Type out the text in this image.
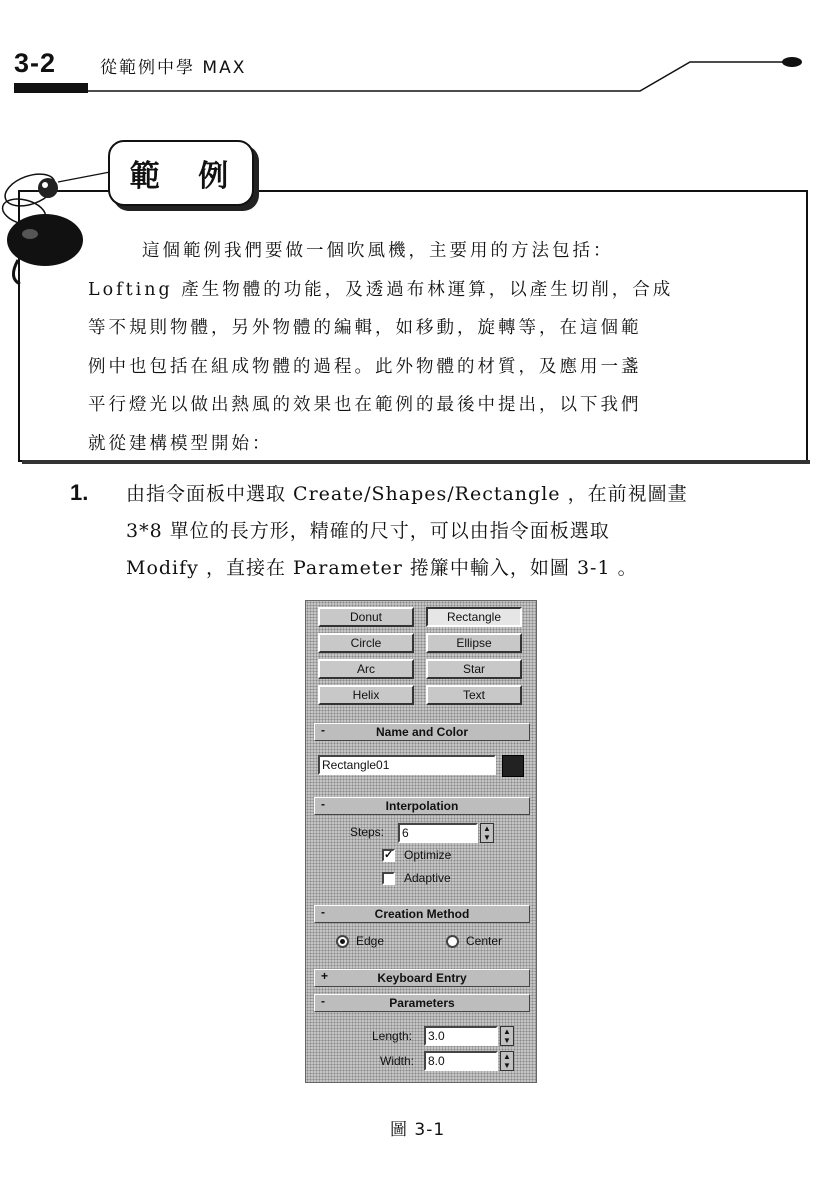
3-2	從範例中學 MAX
範 例
這個範例我們要做一個吹風機，主要用的方法包括：
Lofting 產生物體的功能，及透過布林運算，以產生切削，合成
等不規則物體，另外物體的編輯，如移動，旋轉等，在這個範
例中也包括在組成物體的過程。此外物體的材質，及應用一盞
平行燈光以做出熱風的效果也在範例的最後中提出，以下我們
就從建構模型開始：
1. 由指令面板中選取 Create/Shapes/Rectangle ，在前視圖畫
3*8 單位的長方形，精確的尺寸，可以由指令面板選取
Modify ，直接在 Parameter 捲簾中輸入，如圖 3-1 。
Donut	Rectangle
Circle	Ellipse
Arc	Star
Helix	Text
-	Name and Color
Rectangle01
-	Interpolation
Steps:	6	▲
▼
✓ Optimize
Adaptive
-	Creation Method
Edge	Center
+	Keyboard Entry
-	Parameters
Length:	3.0	▲
▼
Width:	8.0	▲
▼
圖 3-1
